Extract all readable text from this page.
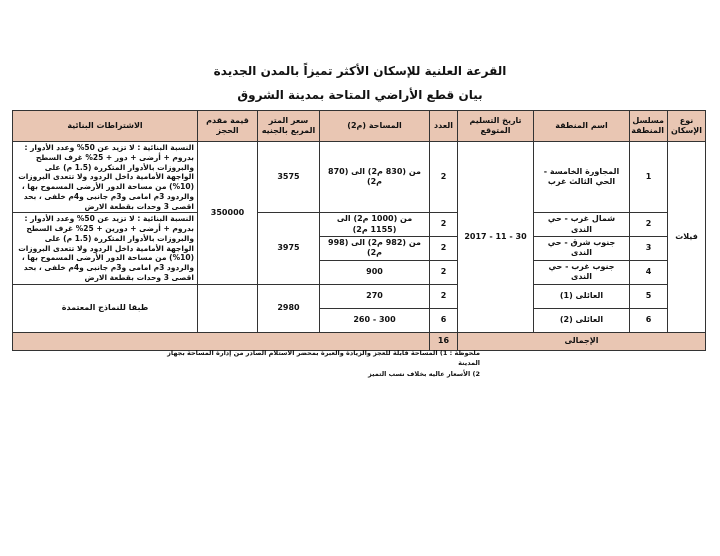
القرعة العلنية للإسكان الأكثر تميزاً بالمدن الجديدة
بيان قطع الأراضي المتاحة بمدينة الشروق
نوع الإسكان	مسلسل المنطقة	اسم المنطقة	تاريخ التسليم المتوقع	العدد	المساحة (م2)	سعر المتر المربع بالجنيه	قيمة مقدم الحجز	الاشتراطات البنائية
فيلات	1	المجاورة الخامسة - الحي الثالث غرب	30 - 11 - 2017	2	من (830 م2) الى (870 م2)	3575	350000	النسبة البنائية : لا تزيد عن 50% وعدد الأدوار : بدروم + أرضى + دور + 25% غرف السطح والبروزات بالأدوار المتكررة (1.5 م) على الواجهة الأمامية داخل الردود ولا تتعدى البروزات (10%) من مساحة الدور الأرضى المسموح بها ، والردود 3م امامى و3م جانبى و4م خلفى ، بحد اقصى 3 وحدات بقطعة الارض
	2	شمال غرب - حي الندى		2	من (1000 م2) الى (1155 م2)	3975		النسبة البنائية : لا تزيد عن 50% وعدد الأدوار : بدروم + أرضى + دورين + 25% غرف السطح والبروزات بالأدوار المتكررة (1.5 م) على الواجهة الأمامية داخل الردود ولا تتعدى البروزات (10%) من مساحة الدور الأرضى المسموح بها ، والردود 3م امامى و3م جانبى و4م خلفى ، بحد اقصى 3 وحدات بقطعة الارض
	3	جنوب شرق - حي الندى		2	من (982 م2) الى (998 م2)			
	4	جنوب غرب - حي الندى		2	900			
	5	العائلى (1)		2	270	2980		طبقا للنماذج المعتمدة
	6	العائلى (2)		6	300 - 260			
الإجمالى				16				
ملحوظة : 1) المساحة قابلة للعجز والزيادة والعبرة بمحضر الاستلام الصادر من إدارة المساحة بجهاز المدينة
2) الأسعار عاليه بخلاف نسب التميز
